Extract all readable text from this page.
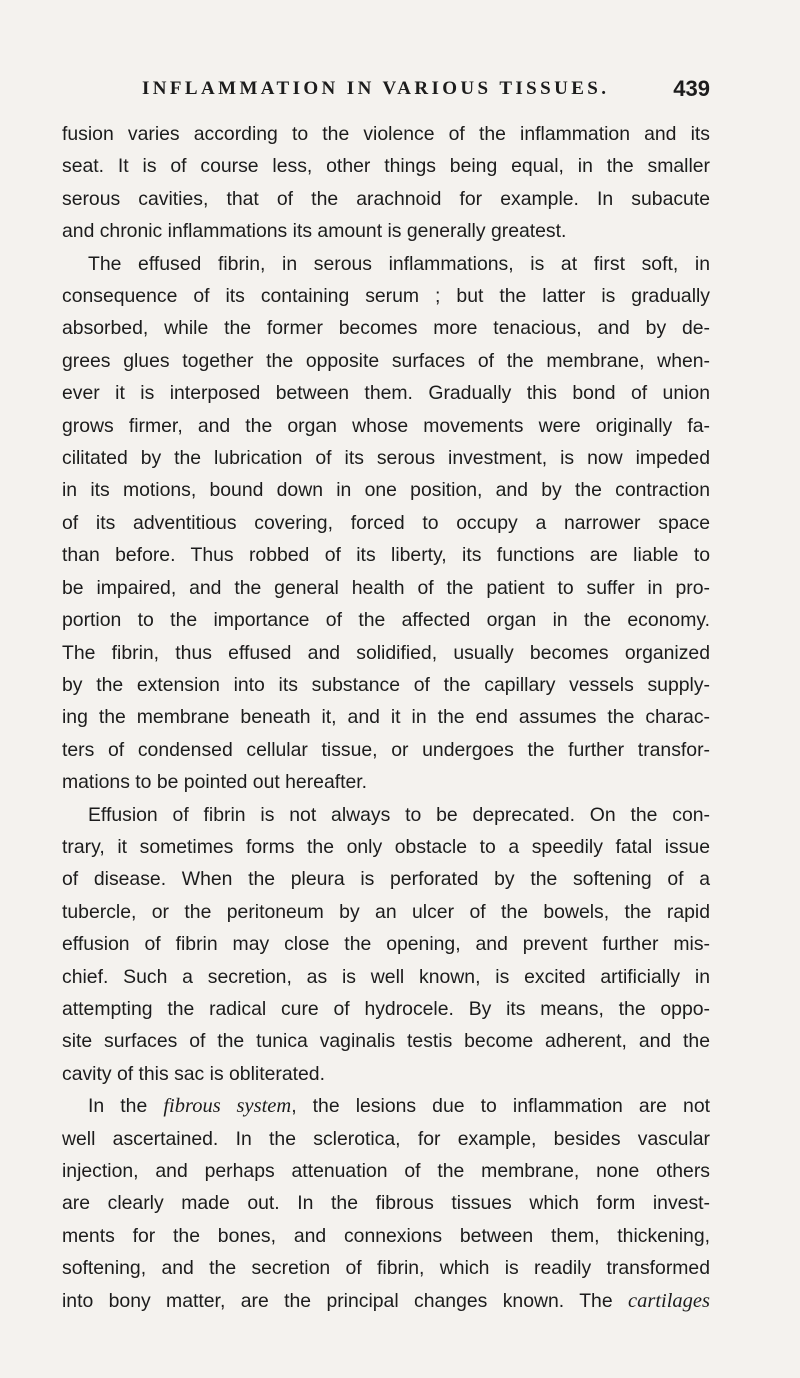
INFLAMMATION IN VARIOUS TISSUES.	439
fusion varies according to the violence of the inflammation and its
seat. It is of course less, other things being equal, in the smaller
serous cavities, that of the arachnoid for example. In subacute
and chronic inflammations its amount is generally greatest.
The effused fibrin, in serous inflammations, is at first soft, in
consequence of its containing serum ; but the latter is gradually
absorbed, while the former becomes more tenacious, and by de-
grees glues together the opposite surfaces of the membrane, when-
ever it is interposed between them. Gradually this bond of union
grows firmer, and the organ whose movements were originally fa-
cilitated by the lubrication of its serous investment, is now impeded
in its motions, bound down in one position, and by the contraction
of its adventitious covering, forced to occupy a narrower space
than before. Thus robbed of its liberty, its functions are liable to
be impaired, and the general health of the patient to suffer in pro-
portion to the importance of the affected organ in the economy.
The fibrin, thus effused and solidified, usually becomes organized
by the extension into its substance of the capillary vessels supply-
ing the membrane beneath it, and it in the end assumes the charac-
ters of condensed cellular tissue, or undergoes the further transfor-
mations to be pointed out hereafter.
Effusion of fibrin is not always to be deprecated. On the con-
trary, it sometimes forms the only obstacle to a speedily fatal issue
of disease. When the pleura is perforated by the softening of a
tubercle, or the peritoneum by an ulcer of the bowels, the rapid
effusion of fibrin may close the opening, and prevent further mis-
chief. Such a secretion, as is well known, is excited artificially in
attempting the radical cure of hydrocele. By its means, the oppo-
site surfaces of the tunica vaginalis testis become adherent, and the
cavity of this sac is obliterated.
In the fibrous system, the lesions due to inflammation are not
well ascertained. In the sclerotica, for example, besides vascular
injection, and perhaps attenuation of the membrane, none others
are clearly made out. In the fibrous tissues which form invest-
ments for the bones, and connexions between them, thickening,
softening, and the secretion of fibrin, which is readily transformed
into bony matter, are the principal changes known. The cartilages
